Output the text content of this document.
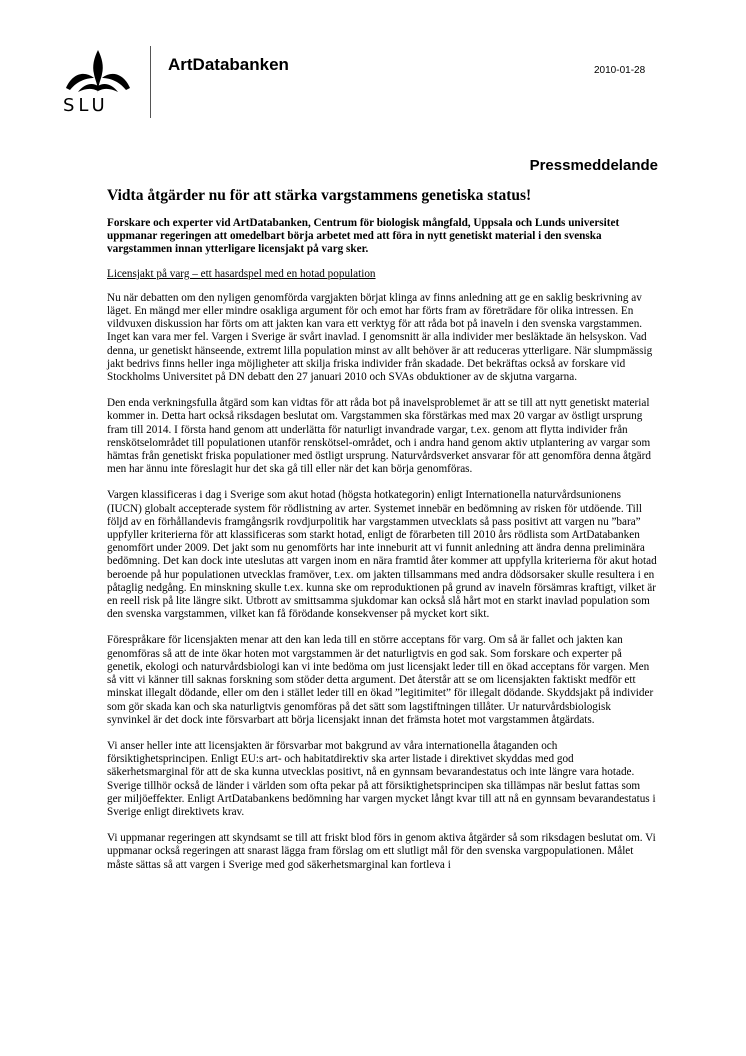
SLU
ArtDatabanken	2010-01-28
Pressmeddelande
Vidta åtgärder nu för att stärka vargstammens genetiska status!

Forskare och experter vid ArtDatabanken, Centrum för biologisk mångfald, Uppsala och Lunds universitet uppmanar regeringen att omedelbart börja arbetet med att föra in nytt genetiskt material i den svenska vargstammen innan ytterligare licensjakt på varg sker.

Licensjakt på varg – ett hasardspel med en hotad population

Nu när debatten om den nyligen genomförda vargjakten börjat klinga av finns anledning att ge en saklig beskrivning av läget. En mängd mer eller mindre osakliga argument för och emot har förts fram av företrädare för olika intressen. En vildvuxen diskussion har förts om att jakten kan vara ett verktyg för att råda bot på inaveln i den svenska vargstammen. Inget kan vara mer fel. Vargen i Sverige är svårt inavlad. I genomsnitt är alla individer mer besläktade än helsyskon. Vad denna, ur genetiskt hänseende, extremt lilla population minst av allt behöver är att reduceras ytterligare. När slumpmässig jakt bedrivs finns heller inga möjligheter att skilja friska individer från skadade. Det bekräftas också av forskare vid Stockholms Universitet på DN debatt den 27 januari 2010 och SVAs obduktioner av de skjutna vargarna.

Den enda verkningsfulla åtgärd som kan vidtas för att råda bot på inavelsproblemet är att se till att nytt genetiskt material kommer in. Detta hart också riksdagen beslutat om. Vargstammen ska förstärkas med max 20 vargar av östligt ursprung fram till 2014. I första hand genom att underlätta för naturligt invandrade vargar, t.ex. genom att flytta individer från renskötselområdet till populationen utanför renskötsel-området, och i andra hand genom aktiv utplantering av vargar som hämtas från genetiskt friska populationer med östligt ursprung. Naturvårdsverket ansvarar för att genomföra denna åtgärd men har ännu inte föreslagit hur det ska gå till eller när det kan börja genomföras.

Vargen klassificeras i dag i Sverige som akut hotad (högsta hotkategorin) enligt Internationella naturvårdsunionens (IUCN) globalt accepterade system för rödlistning av arter. Systemet innebär en bedömning av risken för utdöende. Till följd av en förhållandevis framgångsrik rovdjurpolitik har vargstammen utvecklats så pass positivt att vargen nu ”bara” uppfyller kriterierna för att klassificeras som starkt hotad, enligt de förarbeten till 2010 års rödlista som ArtDatabanken genomfört under 2009. Det jakt som nu genomförts har inte inneburit att vi funnit anledning att ändra denna preliminära bedömning. Det kan dock inte uteslutas att vargen inom en nära framtid åter kommer att uppfylla kriterierna för akut hotad beroende på hur populationen utvecklas framöver, t.ex. om jakten tillsammans med andra dödsorsaker skulle resultera i en påtaglig nedgång. En minskning skulle t.ex. kunna ske om reproduktionen på grund av inaveln försämras kraftigt, vilket är en reell risk på lite längre sikt. Utbrott av smittsamma sjukdomar kan också slå hårt mot en starkt inavlad population som den svenska vargstammen, vilket kan få förödande konsekvenser på mycket kort sikt.

Förespråkare för licensjakten menar att den kan leda till en större acceptans för varg. Om så är fallet och jakten kan genomföras så att de inte ökar hoten mot vargstammen är det naturligtvis en god sak. Som forskare och experter på genetik, ekologi och naturvårdsbiologi kan vi inte bedöma om just licensjakt leder till en ökad acceptans för vargen. Men så vitt vi känner till saknas forskning som stöder detta argument. Det återstår att se om licensjakten faktiskt medför ett minskat illegalt dödande, eller om den i stället leder till en ökad ”legitimitet” för illegalt dödande. Skyddsjakt på individer som gör skada kan och ska naturligtvis genomföras på det sätt som lagstiftningen tillåter. Ur naturvårdsbiologisk synvinkel är det dock inte försvarbart att börja licensjakt innan det främsta hotet mot vargstammen åtgärdats.

Vi anser heller inte att licensjakten är försvarbar mot bakgrund av våra internationella åtaganden och försiktighetsprincipen. Enligt EU:s art- och habitatdirektiv ska arter listade i direktivet skyddas med god säkerhetsmarginal för att de ska kunna utvecklas positivt, nå en gynnsam bevarandestatus och inte längre vara hotade. Sverige tillhör också de länder i världen som ofta pekar på att försiktighetsprincipen ska tillämpas när beslut fattas som ger miljöeffekter. Enligt ArtDatabankens bedömning har vargen mycket långt kvar till att nå en gynnsam bevarandestatus i Sverige enligt direktivets krav.

Vi uppmanar regeringen att skyndsamt se till att friskt blod förs in genom aktiva åtgärder så som riksdagen beslutat om. Vi uppmanar också regeringen att snarast lägga fram förslag om ett slutligt mål för den svenska vargpopulationen. Målet måste sättas så att vargen i Sverige med god säkerhetsmarginal kan fortleva i
